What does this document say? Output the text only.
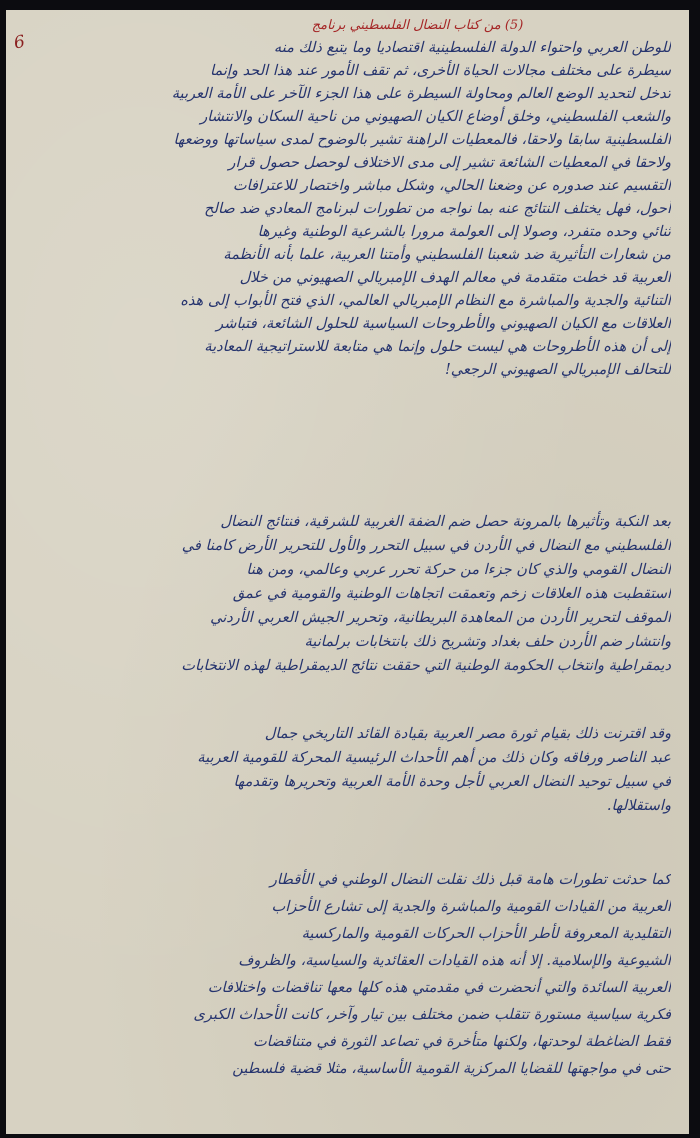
6
(5) من كتاب النضال الفلسطيني برنامج
للوطن العربي واحتواء الدولة الفلسطينية اقتصاديا وما يتبع ذلك منه
سيطرة على مختلف مجالات الحياة الأخرى، ثم تقف الأمور عند هذا الحد وإنما
تدخل لتحديد الوضع العالم ومحاولة السيطرة على هذا الجزء الآخر على الأمة العربية
والشعب الفلسطيني، وخلق أوضاع الكيان الصهيوني من ناحية السكان والانتشار
الفلسطينية سابقا ولاحقا، فالمعطيات الراهنة تشير بالوضوح لمدى سياساتها ووضعها
ولاحقا في المعطيات الشائعة تشير إلى مدى الاختلاف لوحصل حصول قرار
التقسيم عند صدوره عن وضعنا الحالي، وشكل مباشر واختصار للاعترافات
أحول، فهل يختلف النتائج عنه بما نواجه من تطورات لبرنامج المعادي ضد صالح
ثنائي وحده متفرد، وصولا إلى العولمة مرورا بالشرعية الوطنية وغيرها
من شعارات التأثيرية ضد شعبنا الفلسطيني وأمتنا العربية، علما بأنه الأنظمة
العربية قد خطت متقدمة في معالم الهدف الإمبريالي الصهيوني من خلال
التنائية والجدية والمباشرة مع النظام الإمبريالي العالمي، الذي فتح الأبواب إلى هذه
العلاقات مع الكيان الصهيوني والأطروحات السياسية للحلول الشائعة، فتباشر
إلى أن هذه الأطروحات هي ليست حلول وإنما هي متابعة للاستراتيجية المعادية
للتحالف الإمبريالي الصهيوني الرجعي!
بعد النكبة وتأثيرها بالمرونة حصل ضم الضفة الغربية للشرقية، فنتائج النضال
الفلسطيني مع النضال في الأردن في سبيل التحرر والأول للتحرير الأرض كامنا في
النضال القومي والذي كان جزءا من حركة تحرر عربي وعالمي، ومن هنا
استقطبت هذه العلاقات زخم وتعمقت اتجاهات الوطنية والقومية في عمق
الموقف لتحرير الأردن من المعاهدة البريطانية، وتحرير الجيش العربي الأردني
وانتشار ضم الأردن حلف بغداد وتشريح ذلك بانتخابات برلمانية
ديمقراطية وانتخاب الحكومة الوطنية التي حققت نتائج الديمقراطية لهذه الانتخابات
وقد اقترنت ذلك بقيام ثورة مصر العربية بقيادة القائد التاريخي جمال
عبد الناصر ورفاقه وكان ذلك من أهم الأحداث الرئيسية المحركة للقومية العربية
في سبيل توحيد النضال العربي لأجل وحدة الأمة العربية وتحريرها وتقدمها
واستقلالها.
كما حدثت تطورات هامة قبل ذلك نقلت النضال الوطني في الأقطار
العربية من القيادات القومية والمباشرة والجدية إلى تشارع الأحزاب
التقليدية المعروفة لأطر الأحزاب الحركات القومية والماركسية
الشيوعية والإسلامية. إلا أنه هذه القيادات العقائدية والسياسية، والظروف
العربية السائدة والتي أنحضرت في مقدمتي هذه كلها معها تناقضات واختلافات
فكرية سياسية مستورة تتقلب ضمن مختلف بين تيار وآخر، كانت الأحداث الكبرى
فقط الضاغطة لوحدتها، ولكنها متأخرة في تصاعد الثورة في متناقضات
حتى في مواجهتها للقضايا المركزية القومية الأساسية، مثلا قضية فلسطين
